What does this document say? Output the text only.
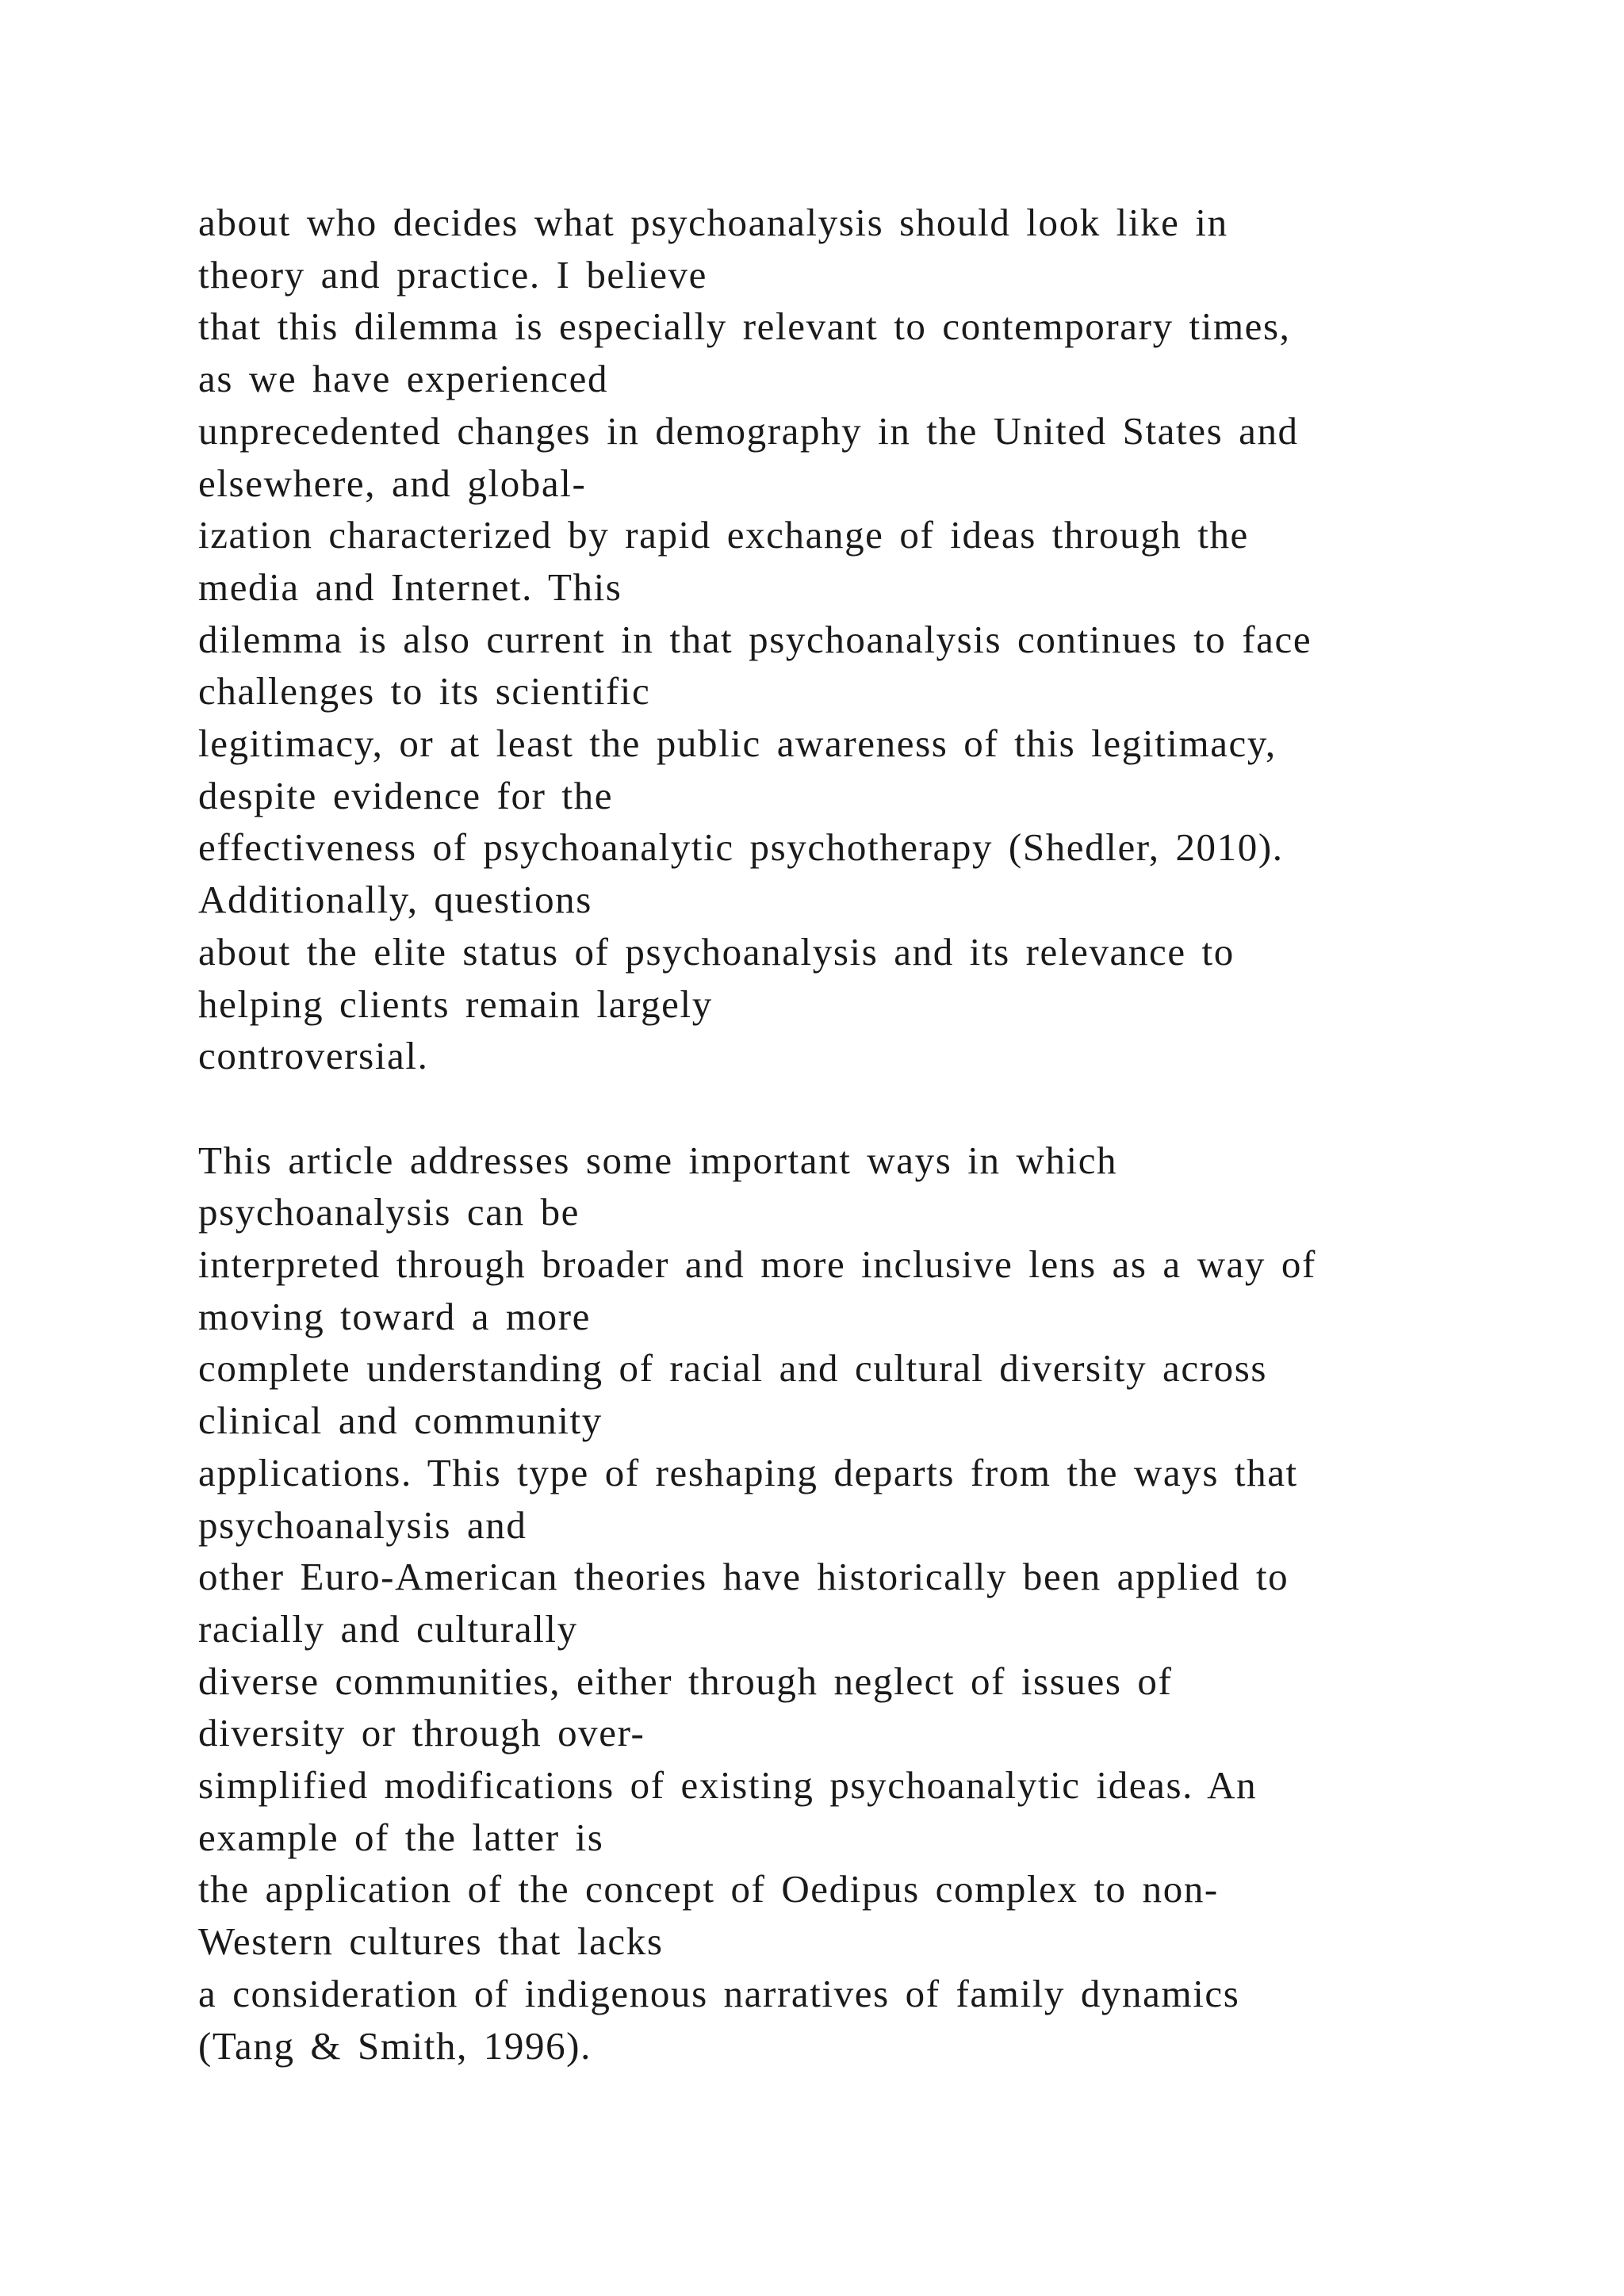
about who decides what psychoanalysis should look like in
theory and practice. I believe
that this dilemma is especially relevant to contemporary times,
as we have experienced
unprecedented changes in demography in the United States and
elsewhere, and global-
ization characterized by rapid exchange of ideas through the
media and Internet. This
dilemma is also current in that psychoanalysis continues to face
challenges to its scientific
legitimacy, or at least the public awareness of this legitimacy,
despite evidence for the
effectiveness of psychoanalytic psychotherapy (Shedler, 2010).
Additionally, questions
about the elite status of psychoanalysis and its relevance to
helping clients remain largely
controversial.
This article addresses some important ways in which
psychoanalysis can be
interpreted through broader and more inclusive lens as a way of
moving toward a more
complete understanding of racial and cultural diversity across
clinical and community
applications. This type of reshaping departs from the ways that
psychoanalysis and
other Euro-American theories have historically been applied to
racially and culturally
diverse communities, either through neglect of issues of
diversity or through over-
simplified modifications of existing psychoanalytic ideas. An
example of the latter is
the application of the concept of Oedipus complex to non-
Western cultures that lacks
a consideration of indigenous narratives of family dynamics
(Tang & Smith, 1996).
